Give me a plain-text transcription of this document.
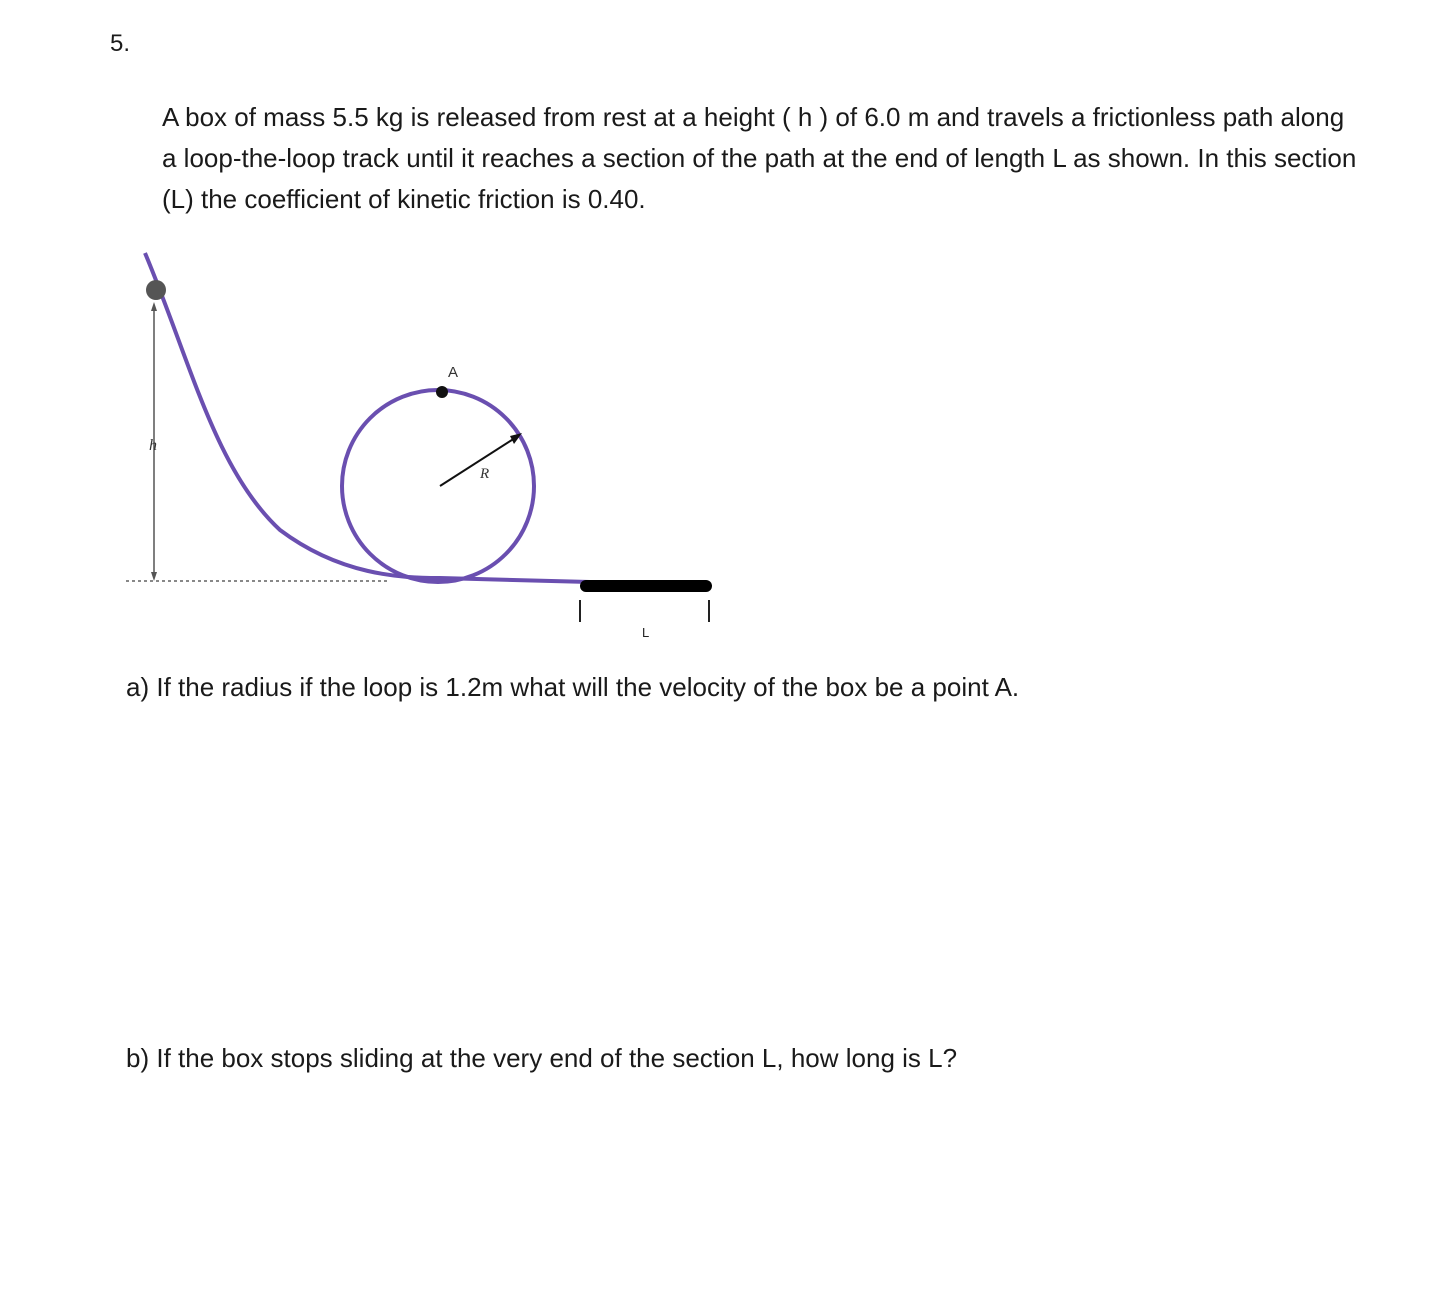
5.
A box of mass 5.5 kg is released from rest at a height ( h ) of 6.0 m and travels a frictionless path along a loop-the-loop track until it reaches a section of the path at the end of length L as shown. In this section (L) the coefficient of kinetic friction is 0.40.
h
A
R
L
a) If the radius if the loop is 1.2m what will the velocity of the box be a point A.
b) If the box stops sliding at the very end of the section L, how long is L?
